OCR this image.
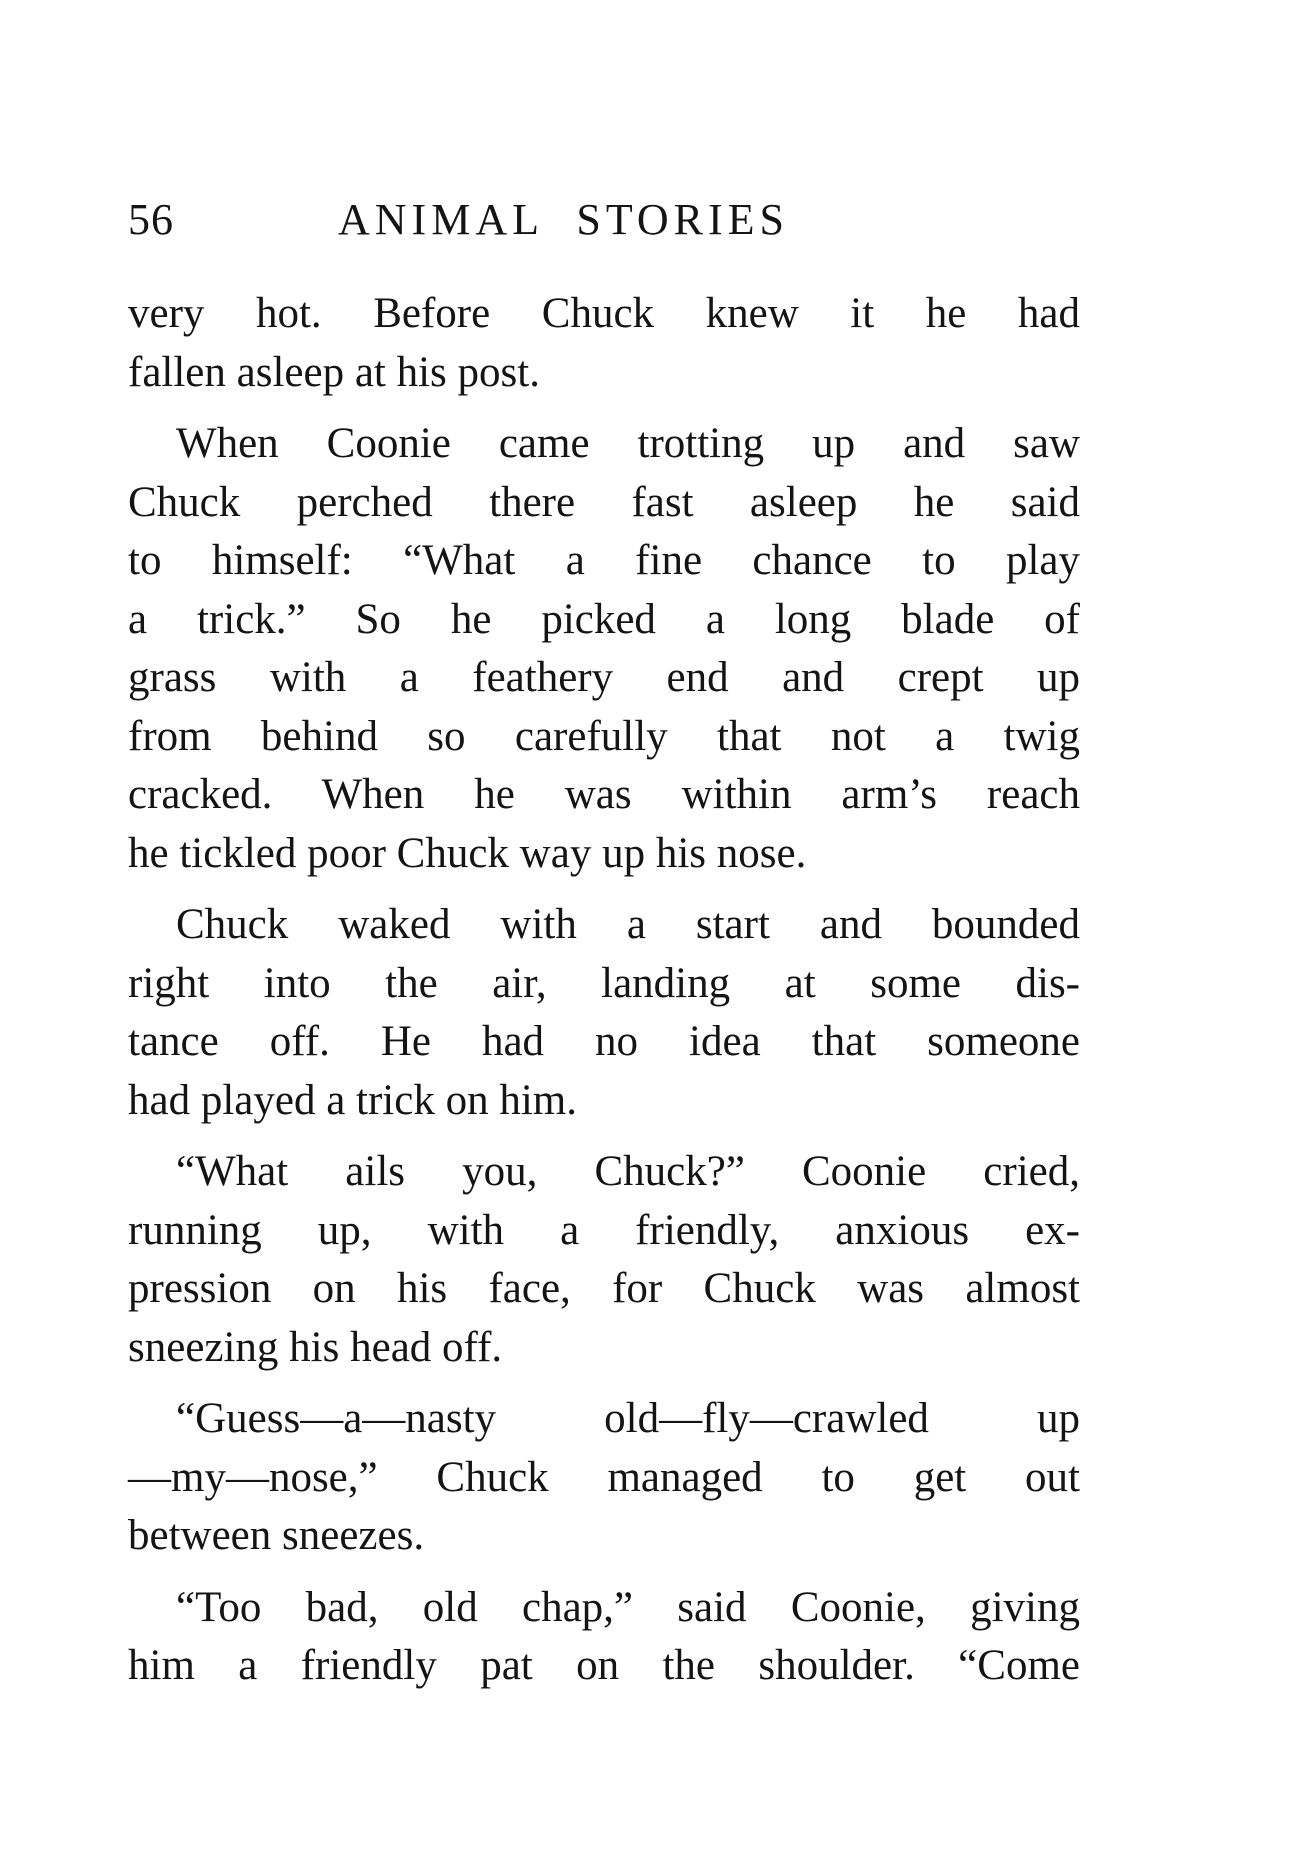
56	ANIMAL STORIES

very hot. Before Chuck knew it he had
fallen asleep at his post.

When Coonie came trotting up and saw
Chuck perched there fast asleep he said
to himself: “What a fine chance to play
a trick.” So he picked a long blade of
grass with a feathery end and crept up
from behind so carefully that not a twig
cracked. When he was within arm’s reach
he tickled poor Chuck way up his nose.

Chuck waked with a start and bounded
right into the air, landing at some dis-
tance off. He had no idea that someone
had played a trick on him.

“What ails you, Chuck?” Coonie cried,
running up, with a friendly, anxious ex-
pression on his face, for Chuck was almost
sneezing his head off.

“Guess—a—nasty old—fly—crawled up
—my—nose,” Chuck managed to get out
between sneezes.

“Too bad, old chap,” said Coonie, giving
him a friendly pat on the shoulder. “Come
